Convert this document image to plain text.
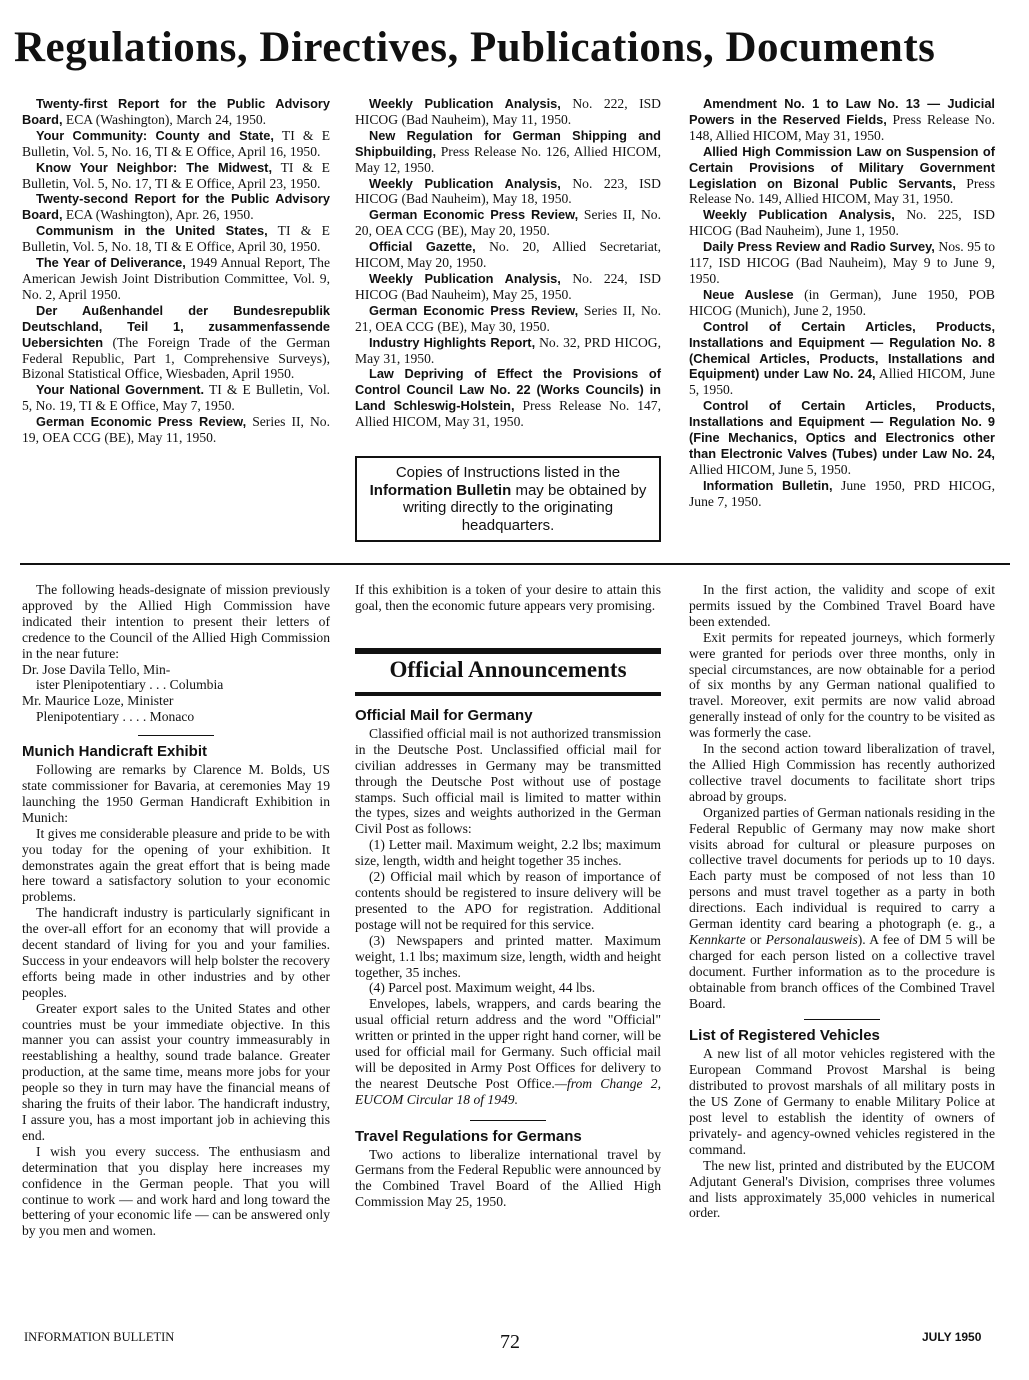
Regulations, Directives, Publications, Documents

Twenty-first Report for the Public Advisory Board, ECA (Washington), March 24, 1950.

Your Community: County and State, TI & E Bulletin, Vol. 5, No. 16, TI & E Office, April 16, 1950.

Know Your Neighbor: The Midwest, TI & E Bulletin, Vol. 5, No. 17, TI & E Office, April 23, 1950.

Twenty-second Report for the Public Advisory Board, ECA (Washington), Apr. 26, 1950.

Communism in the United States, TI & E Bulletin, Vol. 5, No. 18, TI & E Office, April 30, 1950.

The Year of Deliverance, 1949 Annual Report, The American Jewish Joint Distribution Committee, Vol. 9, No. 2, April 1950.

Der Außenhandel der Bundesrepublik Deutschland, Teil 1, zusammenfassende Uebersichten (The Foreign Trade of the German Federal Republic, Part 1, Comprehensive Surveys), Bizonal Statistical Office, Wiesbaden, April 1950.

Your National Government. TI & E Bulletin, Vol. 5, No. 19, TI & E Office, May 7, 1950.

German Economic Press Review, Series II, No. 19, OEA CCG (BE), May 11, 1950.

Weekly Publication Analysis, No. 222, ISD HICOG (Bad Nauheim), May 11, 1950.

New Regulation for German Shipping and Shipbuilding, Press Release No. 126, Allied HICOM, May 12, 1950.

Weekly Publication Analysis, No. 223, ISD HICOG (Bad Nauheim), May 18, 1950.

German Economic Press Review, Series II, No. 20, OEA CCG (BE), May 20, 1950.

Official Gazette, No. 20, Allied Secretariat, HICOM, May 20, 1950.

Weekly Publication Analysis, No. 224, ISD HICOG (Bad Nauheim), May 25, 1950.

German Economic Press Review, Series II, No. 21, OEA CCG (BE), May 30, 1950.

Industry Highlights Report, No. 32, PRD HICOG, May 31, 1950.

Law Depriving of Effect the Provisions of Control Council Law No. 22 (Works Councils) in Land Schleswig-Holstein, Press Release No. 147, Allied HICOM, May 31, 1950.

Amendment No. 1 to Law No. 13 — Judicial Powers in the Reserved Fields, Press Release No. 148, Allied HICOM, May 31, 1950.

Allied High Commission Law on Suspension of Certain Provisions of Military Government Legislation on Bizonal Public Servants, Press Release No. 149, Allied HICOM, May 31, 1950.

Weekly Publication Analysis, No. 225, ISD HICOG (Bad Nauheim), June 1, 1950.

Daily Press Review and Radio Survey, Nos. 95 to 117, ISD HICOG (Bad Nauheim), May 9 to June 9, 1950.

Neue Auslese (in German), June 1950, POB HICOG (Munich), June 2, 1950.

Control of Certain Articles, Products, Installations and Equipment — Regulation No. 8 (Chemical Articles, Products, Installations and Equipment) under Law No. 24, Allied HICOM, June 5, 1950.

Control of Certain Articles, Products, Installations and Equipment — Regulation No. 9 (Fine Mechanics, Optics and Electronics other than Electronic Valves (Tubes) under Law No. 24, Allied HICOM, June 5, 1950.

Information Bulletin, June 1950, PRD HICOG, June 7, 1950.

Copies of Instructions listed in the Information Bulletin may be obtained by writing directly to the originating headquarters.

The following heads-designate of mission previously approved by the Allied High Commission have indicated their intention to present their letters of credence to the Council of the Allied High Commission in the near future:

Dr. Jose Davila Tello, Min-

ister Plenipotentiary . . . Columbia

Mr. Maurice Loze, Minister

Plenipotentiary . . . . Monaco

Munich Handicraft Exhibit

Following are remarks by Clarence M. Bolds, US state commissioner for Bavaria, at ceremonies May 19 launching the 1950 German Handicraft Exhibition in Munich:

It gives me considerable pleasure and pride to be with you today for the opening of your exhibition. It demonstrates again the great effort that is being made here toward a satisfactory solution to your economic problems.

The handicraft industry is particularly significant in the over-all effort for an economy that will provide a decent standard of living for you and your families. Success in your endeavors will help bolster the recovery efforts being made in other industries and by other peoples.

Greater export sales to the United States and other countries must be your immediate objective. In this manner you can assist your country immeasurably in reestablishing a healthy, sound trade balance. Greater production, at the same time, means more jobs for your people so they in turn may have the financial means of sharing the fruits of their labor. The handicraft industry, I assure you, has a most important job in achieving this end.

I wish you every success. The enthusiasm and determination that you display here increases my confidence in the German people. That you will continue to work — and work hard and long toward the bettering of your economic life — can be answered only by you men and women.

If this exhibition is a token of your desire to attain this goal, then the economic future appears very promising.

Official Announcements
Official Mail for Germany

Classified official mail is not authorized transmission in the Deutsche Post. Unclassified official mail for civilian addresses in Germany may be transmitted through the Deutsche Post without use of postage stamps. Such official mail is limited to matter within the types, sizes and weights authorized in the German Civil Post as follows:

(1) Letter mail. Maximum weight, 2.2 lbs; maximum size, length, width and height together 35 inches.

(2) Official mail which by reason of importance of contents should be registered to insure delivery will be presented to the APO for registration. Additional postage will not be required for this service.

(3) Newspapers and printed matter. Maximum weight, 1.1 lbs; maximum size, length, width and height together, 35 inches.

(4) Parcel post. Maximum weight, 44 lbs.

Envelopes, labels, wrappers, and cards bearing the usual official return address and the word "Official" written or printed in the upper right hand corner, will be used for official mail for Germany. Such official mail will be deposited in Army Post Offices for delivery to the nearest Deutsche Post Office.—from Change 2, EUCOM Circular 18 of 1949.

Travel Regulations for Germans

Two actions to liberalize international travel by Germans from the Federal Republic were announced by the Combined Travel Board of the Allied High Commission May 25, 1950.

In the first action, the validity and scope of exit permits issued by the Combined Travel Board have been extended.

Exit permits for repeated journeys, which formerly were granted for periods over three months, only in special circumstances, are now obtainable for a period of six months by any German national qualified to travel. Moreover, exit permits are now valid abroad generally instead of only for the country to be visited as was formerly the case.

In the second action toward liberalization of travel, the Allied High Commission has recently authorized collective travel documents to facilitate short trips abroad by groups.

Organized parties of German nationals residing in the Federal Republic of Germany may now make short visits abroad for cultural or pleasure purposes on collective travel documents for periods up to 10 days. Each party must be composed of not less than 10 persons and must travel together as a party in both directions. Each individual is required to carry a German identity card bearing a photograph (e. g., a Kennkarte or Personalausweis). A fee of DM 5 will be charged for each person listed on a collective travel document. Further information as to the procedure is obtainable from branch offices of the Combined Travel Board.

List of Registered Vehicles

A new list of all motor vehicles registered with the European Command Provost Marshal is being distributed to provost marshals of all military posts in the US Zone of Germany to enable Military Police at post level to establish the identity of owners of privately- and agency-owned vehicles registered in the command.

The new list, printed and distributed by the EUCOM Adjutant General's Division, comprises three volumes and lists approximately 35,000 vehicles in numerical order.

INFORMATION BULLETIN	72	JULY 1950
